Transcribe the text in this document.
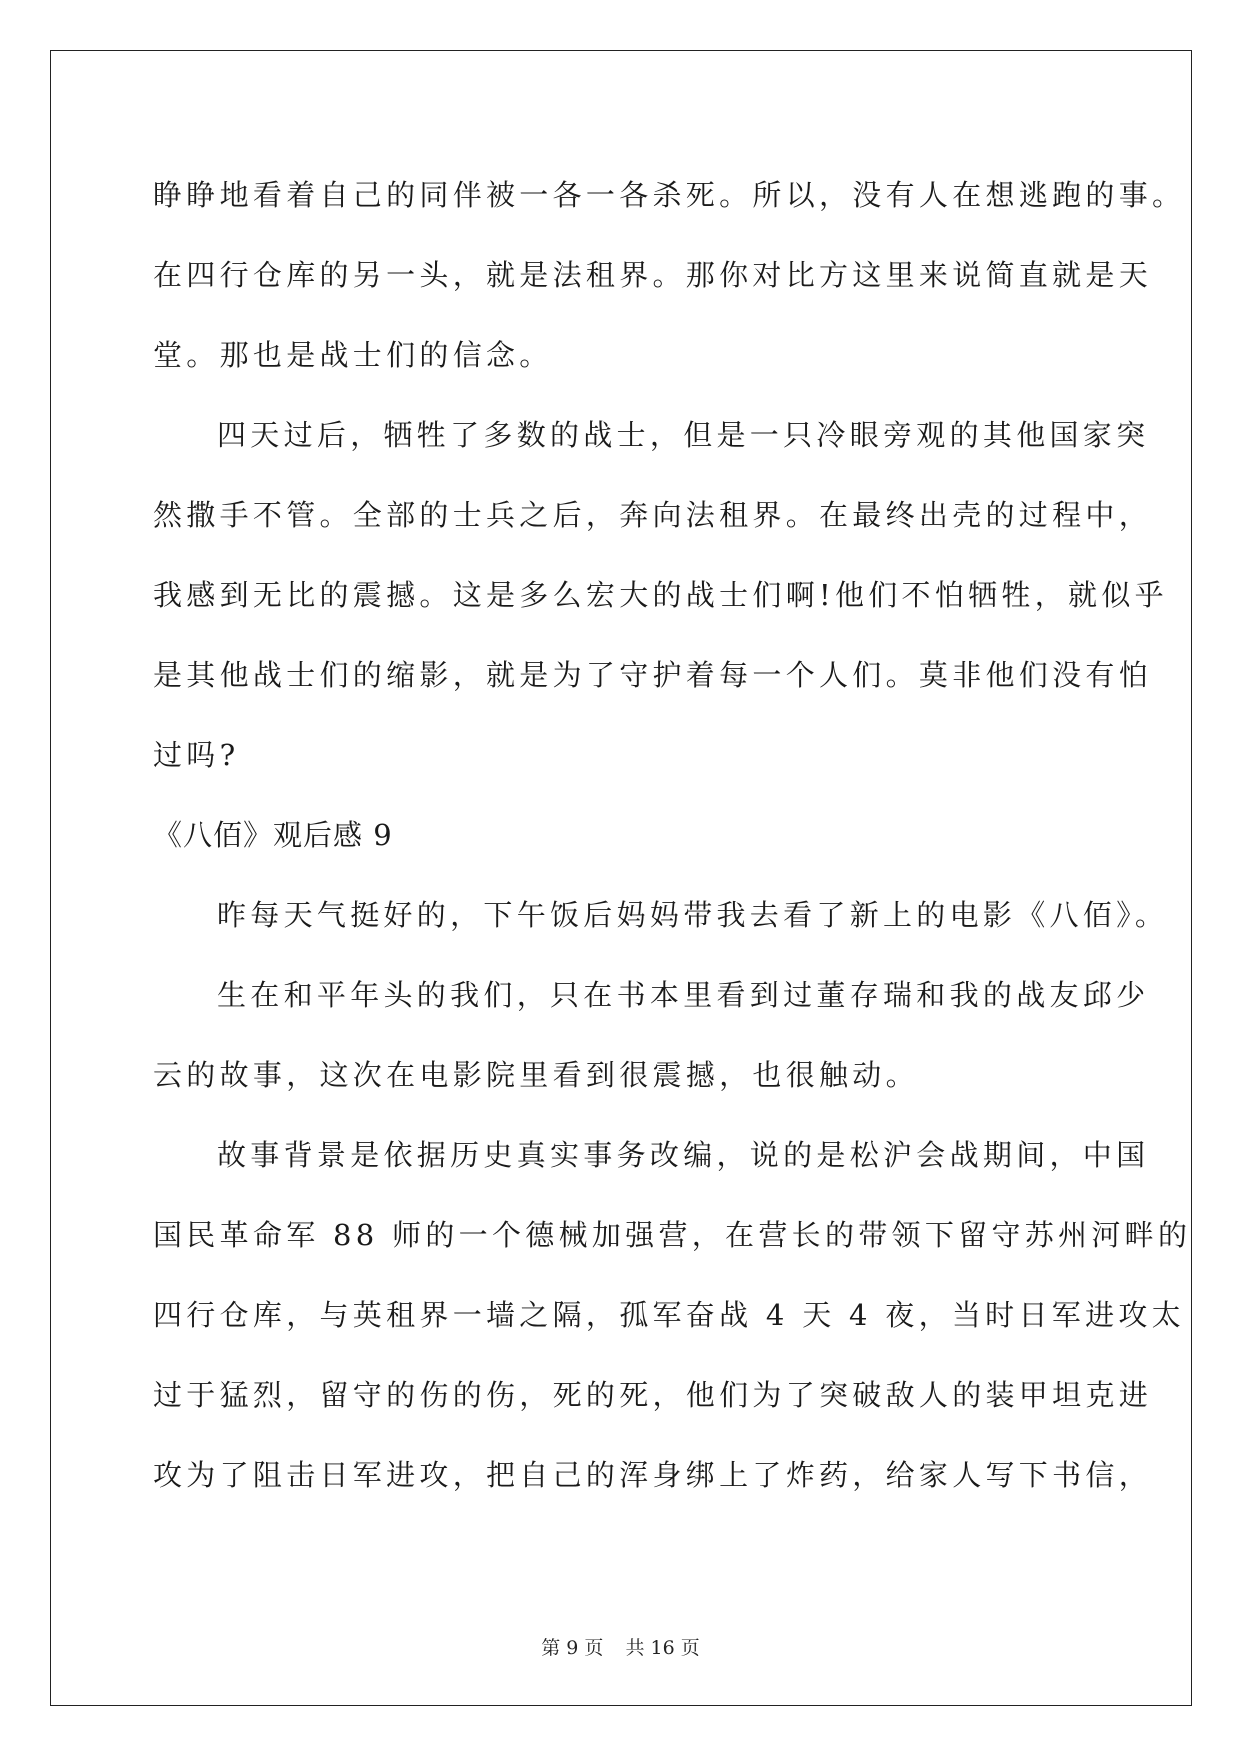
睁睁地看着自己的同伴被一各一各杀死。所以，没有人在想逃跑的事。
在四行仓库的另一头，就是法租界。那你对比方这里来说简直就是天
堂。那也是战士们的信念。
四天过后，牺牲了多数的战士，但是一只冷眼旁观的其他国家突
然撒手不管。全部的士兵之后，奔向法租界。在最终出壳的过程中，
我感到无比的震撼。这是多么宏大的战士们啊!他们不怕牺牲，就似乎
是其他战士们的缩影，就是为了守护着每一个人们。莫非他们没有怕
过吗?
《八佰》观后感 9
昨每天气挺好的，下午饭后妈妈带我去看了新上的电影《八佰》。
生在和平年头的我们，只在书本里看到过董存瑞和我的战友邱少
云的故事，这次在电影院里看到很震撼，也很触动。
故事背景是依据历史真实事务改编，说的是松沪会战期间，中国
国民革命军 88 师的一个德械加强营，在营长的带领下留守苏州河畔的
四行仓库，与英租界一墙之隔，孤军奋战 4 天 4 夜，当时日军进攻太
过于猛烈，留守的伤的伤，死的死，他们为了突破敌人的装甲坦克进
攻为了阻击日军进攻，把自己的浑身绑上了炸药，给家人写下书信，
第 9 页 共 16 页
